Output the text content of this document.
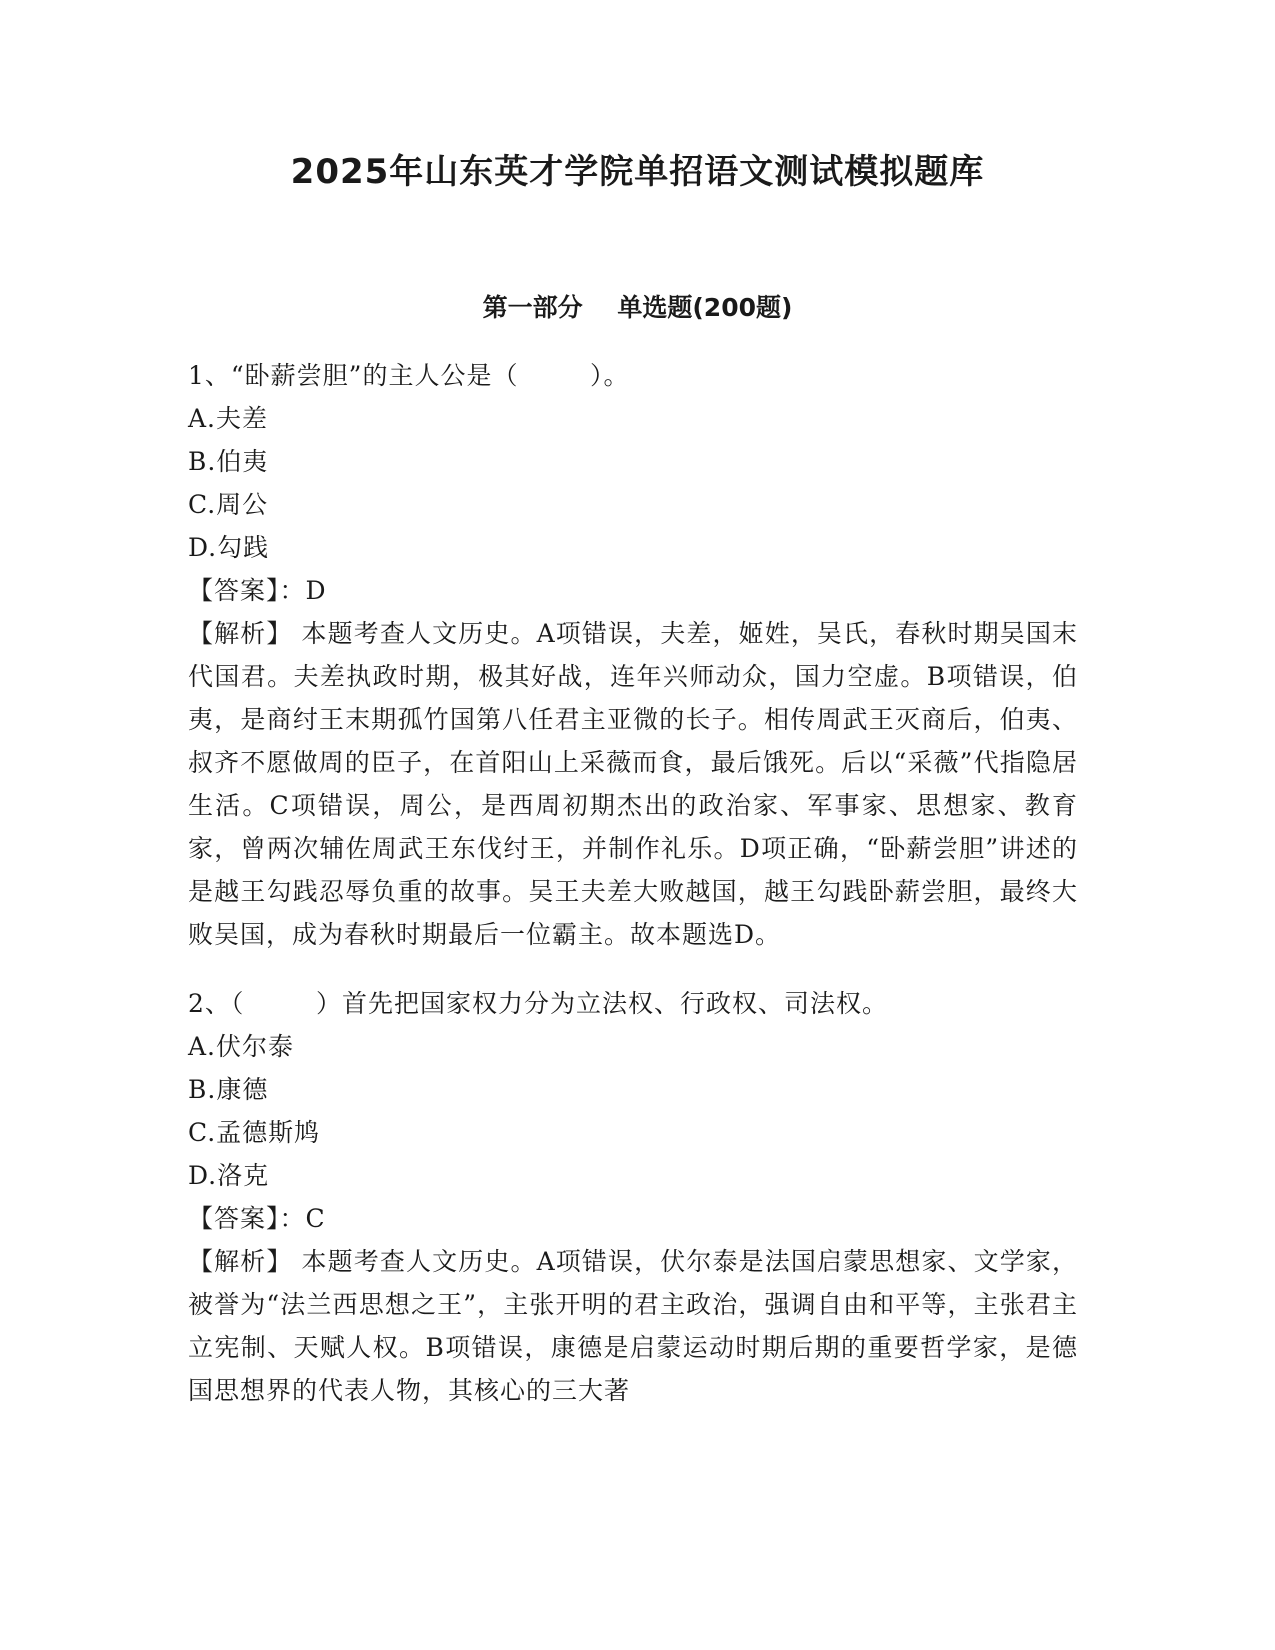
2025年山东英才学院单招语文测试模拟题库
第一部分    单选题(200题)
1、“卧薪尝胆”的主人公是（        ）。
A.夫差
B.伯夷
C.周公
D.勾践
【答案】：D

【解析】 本题考查人文历史。A项错误，夫差，姬姓，吴氏，春秋时期吴国末代国君。夫差执政时期，极其好战，连年兴师动众，国力空虚。B项错误，伯夷，是商纣王末期孤竹国第八任君主亚微的长子。相传周武王灭商后，伯夷、叔齐不愿做周的臣子，在首阳山上采薇而食，最后饿死。后以“采薇”代指隐居生活。C项错误，周公，是西周初期杰出的政治家、军事家、思想家、教育家，曾两次辅佐周武王东伐纣王，并制作礼乐。D项正确，“卧薪尝胆”讲述的是越王勾践忍辱负重的故事。吴王夫差大败越国，越王勾践卧薪尝胆，最终大败吴国，成为春秋时期最后一位霸主。故本题选D。

2、（        ）首先把国家权力分为立法权、行政权、司法权。
A.伏尔泰
B.康德
C.孟德斯鸠
D.洛克
【答案】：C

【解析】 本题考查人文历史。A项错误，伏尔泰是法国启蒙思想家、文学家，被誉为“法兰西思想之王”，主张开明的君主政治，强调自由和平等，主张君主立宪制、天赋人权。B项错误，康德是启蒙运动时期后期的重要哲学家，是德国思想界的代表人物，其核心的三大著
